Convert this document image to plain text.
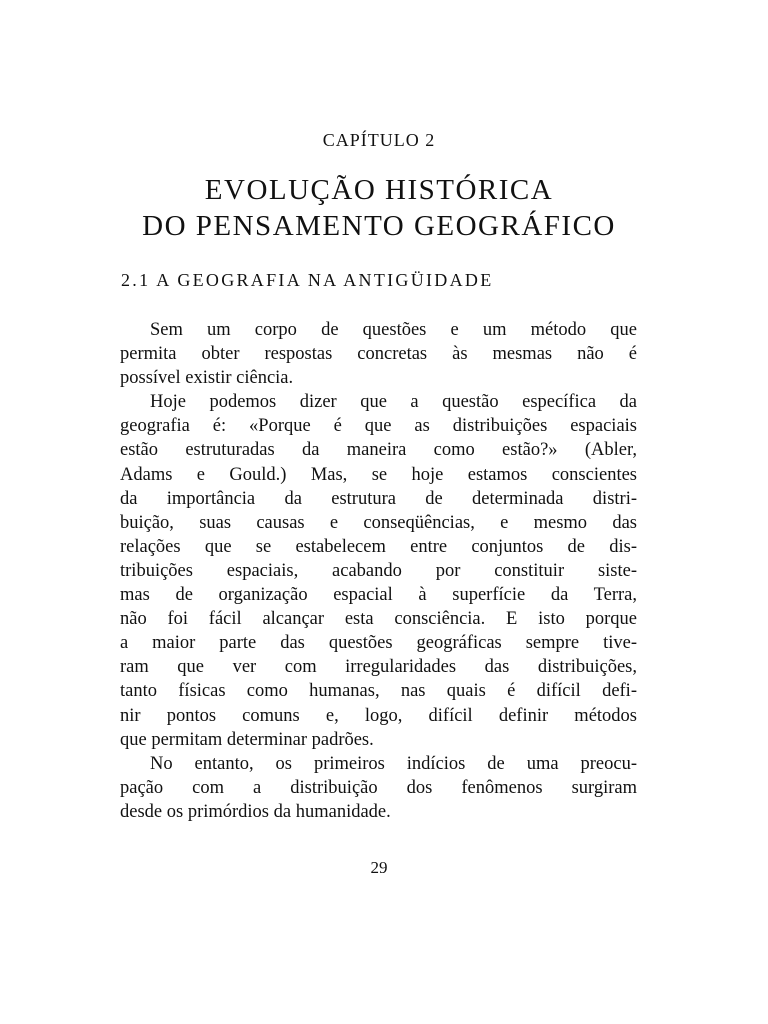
CAPÍTULO 2
EVOLUÇÃO HISTÓRICA
DO PENSAMENTO GEOGRÁFICO
2.1 A GEOGRAFIA NA ANTIGÜIDADE
Sem um corpo de questões e um método que
permita obter respostas concretas às mesmas não é
possível existir ciência.
Hoje podemos dizer que a questão específica da
geografia é: «Porque é que as distribuições espaciais
estão estruturadas da maneira como estão?» (Abler,
Adams e Gould.) Mas, se hoje estamos conscientes
da importância da estrutura de determinada distri-
buição, suas causas e conseqüências, e mesmo das
relações que se estabelecem entre conjuntos de dis-
tribuições espaciais, acabando por constituir siste-
mas de organização espacial à superfície da Terra,
não foi fácil alcançar esta consciência. E isto porque
a maior parte das questões geográficas sempre tive-
ram que ver com irregularidades das distribuições,
tanto físicas como humanas, nas quais é difícil defi-
nir pontos comuns e, logo, difícil definir métodos
que permitam determinar padrões.
No entanto, os primeiros indícios de uma preocu-
pação com a distribuição dos fenômenos surgiram
desde os primórdios da humanidade.
29
